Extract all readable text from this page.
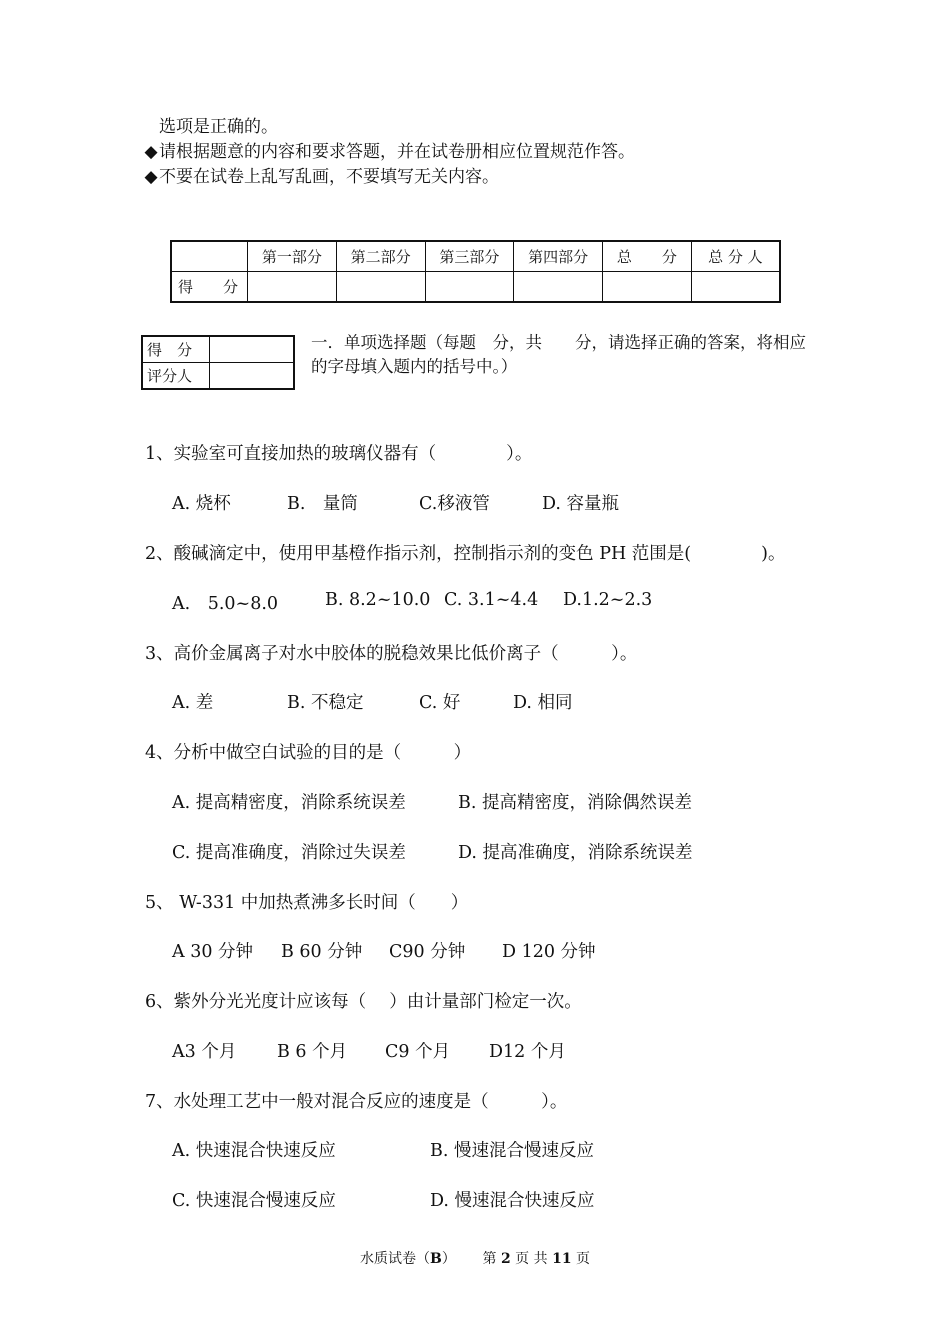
选项是正确的。
◆请根据题意的内容和要求答题，并在试卷册相应位置规范作答。
◆不要在试卷上乱写乱画，不要填写无关内容。
	第一部分	第二部分	第三部分	第四部分	总　　分	总 分 人
得　　分						
得　分	
评分人	
一．单项选择题（每题　分，共　　分，请选择正确的答案，将相应的字母填入题内的括号中。）
1、实验室可直接加热的玻璃仪器有（　　　　）。
A. 烧杯	B.　量筒	C.移液管	D. 容量瓶
2、酸碱滴定中，使用甲基橙作指示剂，控制指示剂的变色 PH 范围是(　　　　)。
A.　5.0~8.0	B. 8.2~10.0 C. 3.1~4.4 D.1.2~2.3
3、高价金属离子对水中胶体的脱稳效果比低价离子（　　　）。
A. 差	B. 不稳定	C. 好	D. 相同
4、分析中做空白试验的目的是（　　　）
A. 提高精密度，消除系统误差	B. 提高精密度，消除偶然误差
C. 提高准确度，消除过失误差	D. 提高准确度，消除系统误差
5、 W-331 中加热煮沸多长时间（　　）
A 30 分钟 B 60 分钟 C90 分钟 D 120 分钟
6、紫外分光光度计应该每（　 ）由计量部门检定一次。
A3 个月 B 6 个月 C9 个月 D12 个月
7、水处理工艺中一般对混合反应的速度是（　　　）。
A. 快速混合快速反应	B. 慢速混合慢速反应
C. 快速混合慢速反应	D. 慢速混合快速反应
水质试卷（B） 第 2 页 共 11 页
